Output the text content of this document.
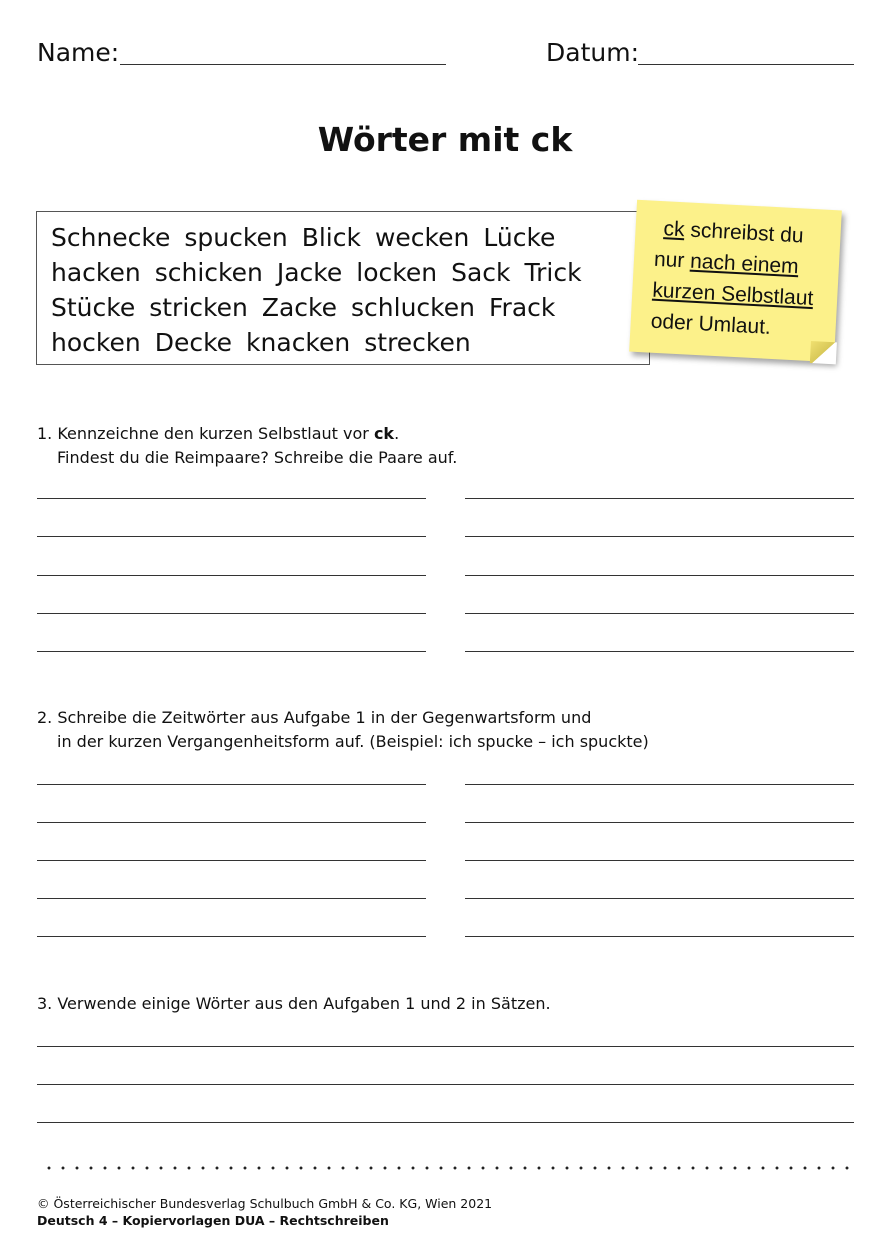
Name:	Datum:
Wörter mit ck
Schnecke spucken Blick wecken Lücke
hacken schicken Jacke locken Sack Trick
Stücke stricken Zacke schlucken Frack
hocken Decke knacken strecken
ck schreibst du
nur nach einem
kurzen Selbstlaut
oder Umlaut.
1. Kennzeichne den kurzen Selbstlaut vor ck.
Findest du die Reimpaare? Schreibe die Paare auf.
2. Schreibe die Zeitwörter aus Aufgabe 1 in der Gegenwartsform und
in der kurzen Vergangenheitsform auf. (Beispiel: ich spucke – ich spuckte)
3. Verwende einige Wörter aus den Aufgaben 1 und 2 in Sätzen.
© Österreichischer Bundesverlag Schulbuch GmbH & Co. KG, Wien 2021
Deutsch 4 – Kopiervorlagen DUA – Rechtschreiben
